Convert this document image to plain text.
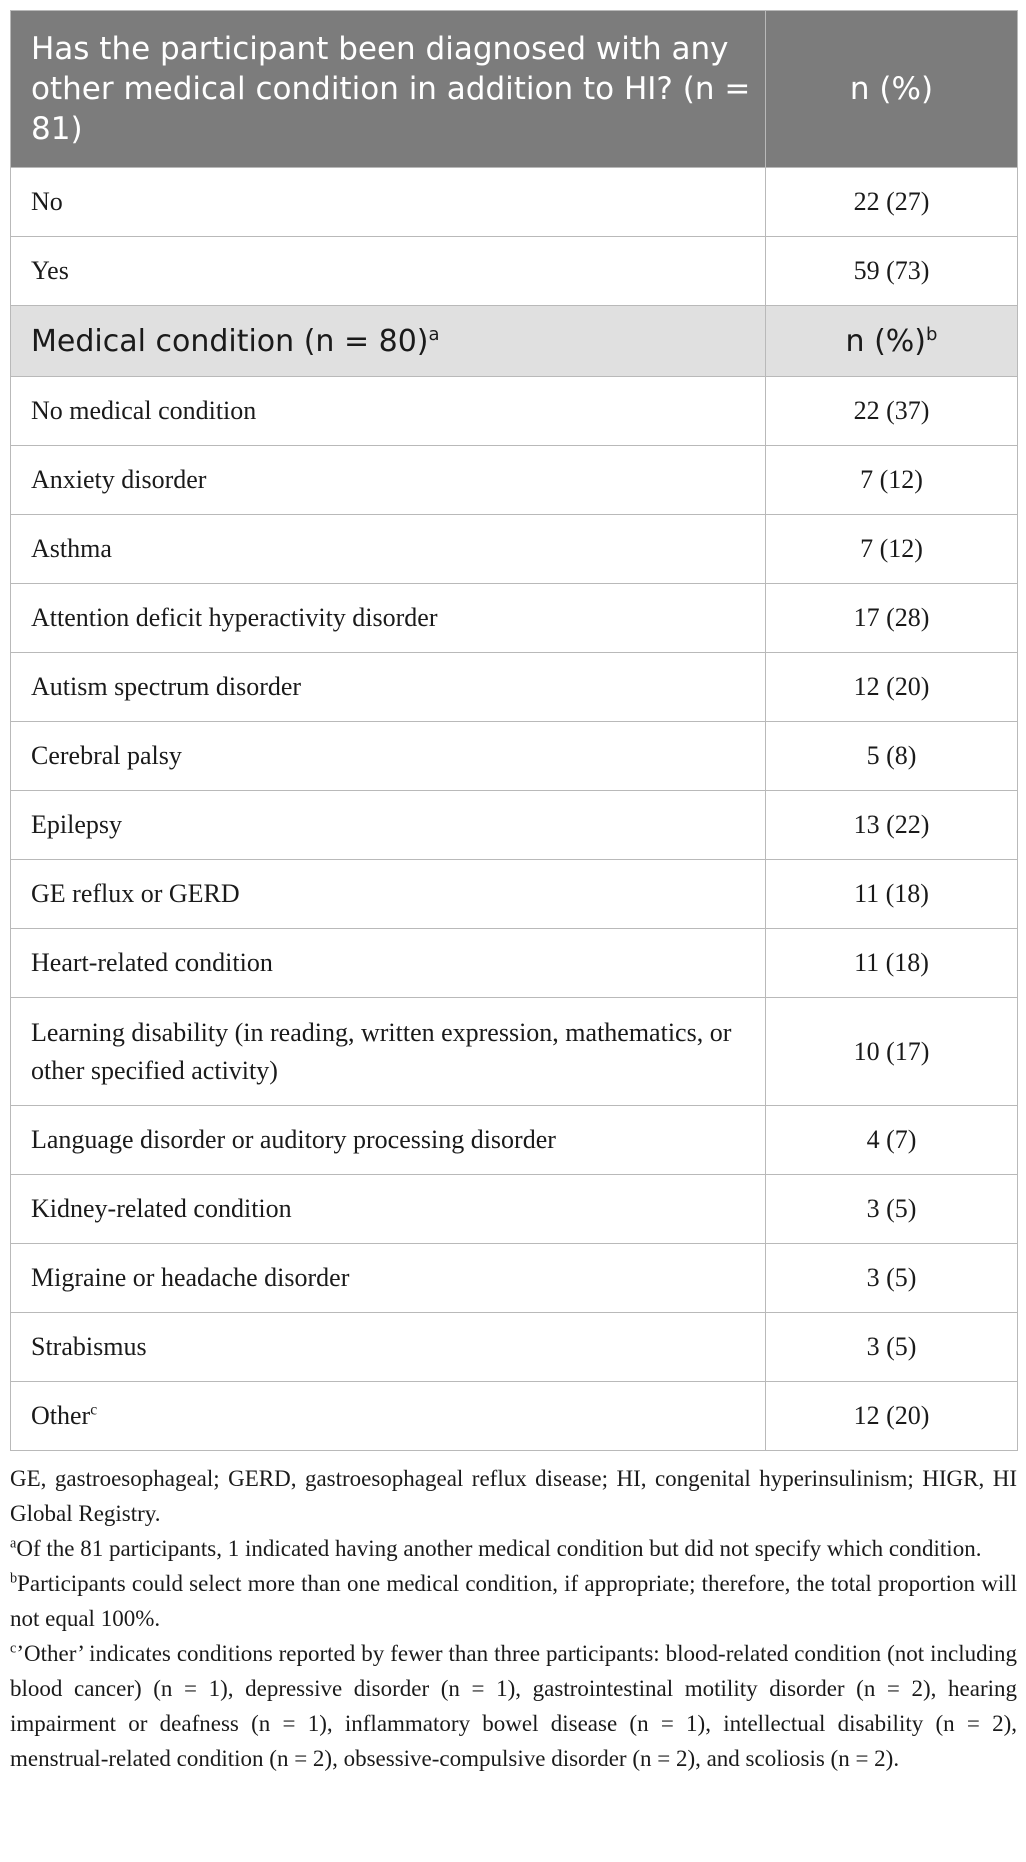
Has the participant been diagnosed with any other medical condition in addition to HI? (n = 81)	n (%)
No	22 (27)
Yes	59 (73)
Medical condition (n = 80)$^a$	n (%)$^b$
No medical condition	22 (37)
Anxiety disorder	7 (12)
Asthma	7 (12)
Attention deficit hyperactivity disorder	17 (28)
Autism spectrum disorder	12 (20)
Cerebral palsy	5 (8)
Epilepsy	13 (22)
GE reflux or GERD	11 (18)
Heart-related condition	11 (18)
Learning disability (in reading, written expression, mathematics, or other specified activity)	10 (17)
Language disorder or auditory processing disorder	4 (7)
Kidney-related condition	3 (5)
Migraine or headache disorder	3 (5)
Strabismus	3 (5)
Other$^c$	12 (20)

GE, gastroesophageal; GERD, gastroesophageal reflux disease; HI, congenital hyperinsulinism; HIGR, HI Global Registry.

$^a$Of the 81 participants, 1 indicated having another medical condition but did not specify which condition.

$^b$Participants could select more than one medical condition, if appropriate; therefore, the total proportion will not equal 100%.

$^c$’Other’ indicates conditions reported by fewer than three participants: blood-related condition (not including blood cancer) (n = 1), depressive disorder (n = 1), gastrointestinal motility disorder (n = 2), hearing impairment or deafness (n = 1), inflammatory bowel disease (n = 1), intellectual disability (n = 2), menstrual-related condition (n = 2), obsessive-compulsive disorder (n = 2), and scoliosis (n = 2).
